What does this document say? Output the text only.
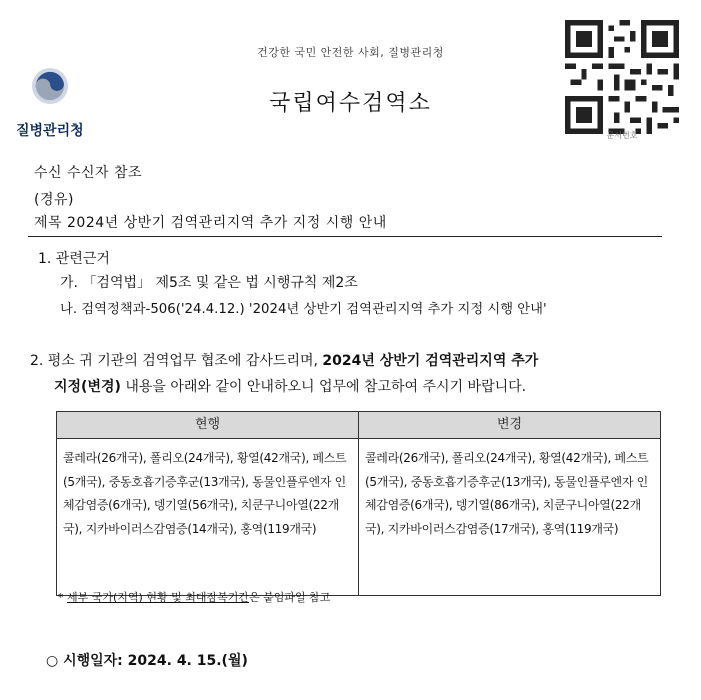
건강한 국민 안전한 사회, 질병관리청
질병관리청
국립여수검역소
문서번호
수신 수신자 참조
(경유)
제목 2024년 상반기 검역관리지역 추가 지정 시행 안내
1. 관련근거
가. 「검역법」 제5조 및 같은 법 시행규칙 제2조
나. 검역정책과-506('24.4.12.) '2024년 상반기 검역관리지역 추가 지정 시행 안내'
2. 평소 귀 기관의 검역업무 협조에 감사드리며, 2024년 상반기 검역관리지역 추가
지정(변경) 내용을 아래와 같이 안내하오니 업무에 참고하여 주시기 바랍니다.
현행	변경
콜레라(26개국), 폴리오(24개국), 황열(42개국), 페스트(5개국), 중동호흡기증후군(13개국), 동물인플루엔자 인체감염증(6개국), 뎅기열(56개국), 치쿤구니아열(22개국), 지카바이러스감염증(14개국), 홍역(119개국)	콜레라(26개국), 폴리오(24개국), 황열(42개국), 페스트(5개국), 중동호흡기증후군(13개국), 동물인플루엔자 인체감염증(6개국), 뎅기열(86개국), 치쿤구니아열(22개국), 지카바이러스감염증(17개국), 홍역(119개국)
* 세부 국가(지역) 현황 및 최대잠복기간은 붙임파일 참고
○ 시행일자: 2024. 4. 15.(월)
